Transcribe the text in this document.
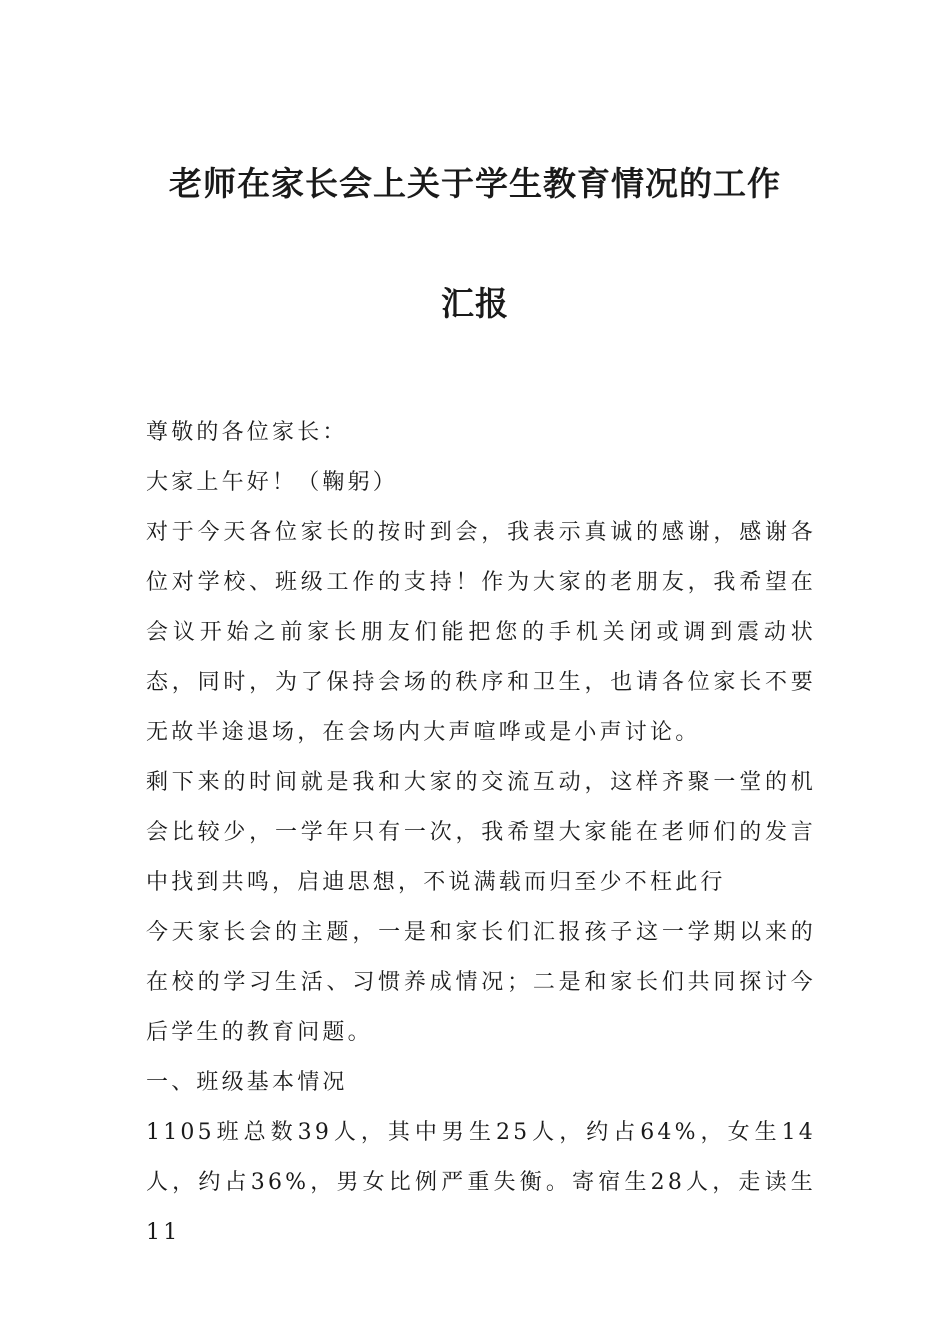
老师在家长会上关于学生教育情况的工作
汇报

尊敬的各位家长：

大家上午好！（鞠躬）

对于今天各位家长的按时到会，我表示真诚的感谢，感谢各位对学校、班级工作的支持！作为大家的老朋友，我希望在会议开始之前家长朋友们能把您的手机关闭或调到震动状态，同时，为了保持会场的秩序和卫生，也请各位家长不要无故半途退场，在会场内大声喧哗或是小声讨论。

剩下来的时间就是我和大家的交流互动，这样齐聚一堂的机会比较少，一学年只有一次，我希望大家能在老师们的发言中找到共鸣，启迪思想，不说满载而归至少不枉此行

今天家长会的主题，一是和家长们汇报孩子这一学期以来的在校的学习生活、习惯养成情况；二是和家长们共同探讨今后学生的教育问题。

一、班级基本情况

1105班总数39人，其中男生25人，约占64%，女生14人，约占36%，男女比例严重失衡。寄宿生28人，走读生11
